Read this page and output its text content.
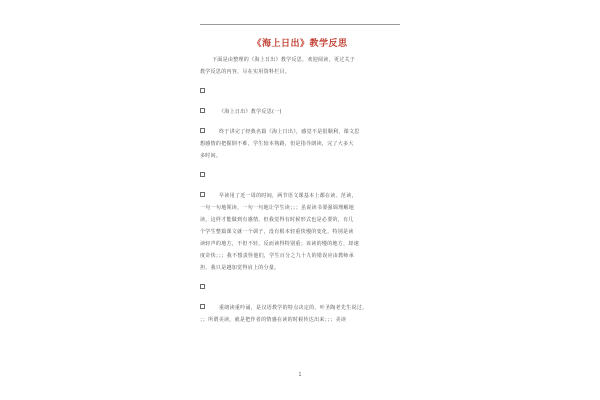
《海上日出》教学反思
下面是由整理的《海上日出》教学反思，欢迎阅读，更过关于
教学反思的内容，尽在实用资料栏目。
《海上日出》教学反思(一)
终于讲完了经典名篇《海上日出》，感觉不是很顺利，课文思
想感情的把握倒不难，学生较本熟路，但是指导朗读，完了大多大
多时间。
早读用了近一周的时间，两节语文课基本上都在读。范读，
一句一句地领读，一句一句地让学生读；；；虽说读书要强调理解地
读，这样才能做到有感情，但我觉得有时候形式也是必要的，有几
个学生整篇课文就一个调子，没有根本轻重快慢的变化，特别是读
读轻声的地方，不但不轻，反而读得特别重；该读的慢的地方，却速
度奇快；；；我不想责怪他们，学生百分之九十九的错误应由教师承
担，我只是越加觉得肩上的分量。
重朗读重吟诵，是汉语教学的特点决定的，叶圣陶老先生说过，
；；所谓美读，就是把作者的情感在读的时候传达出来；；；美读
1
